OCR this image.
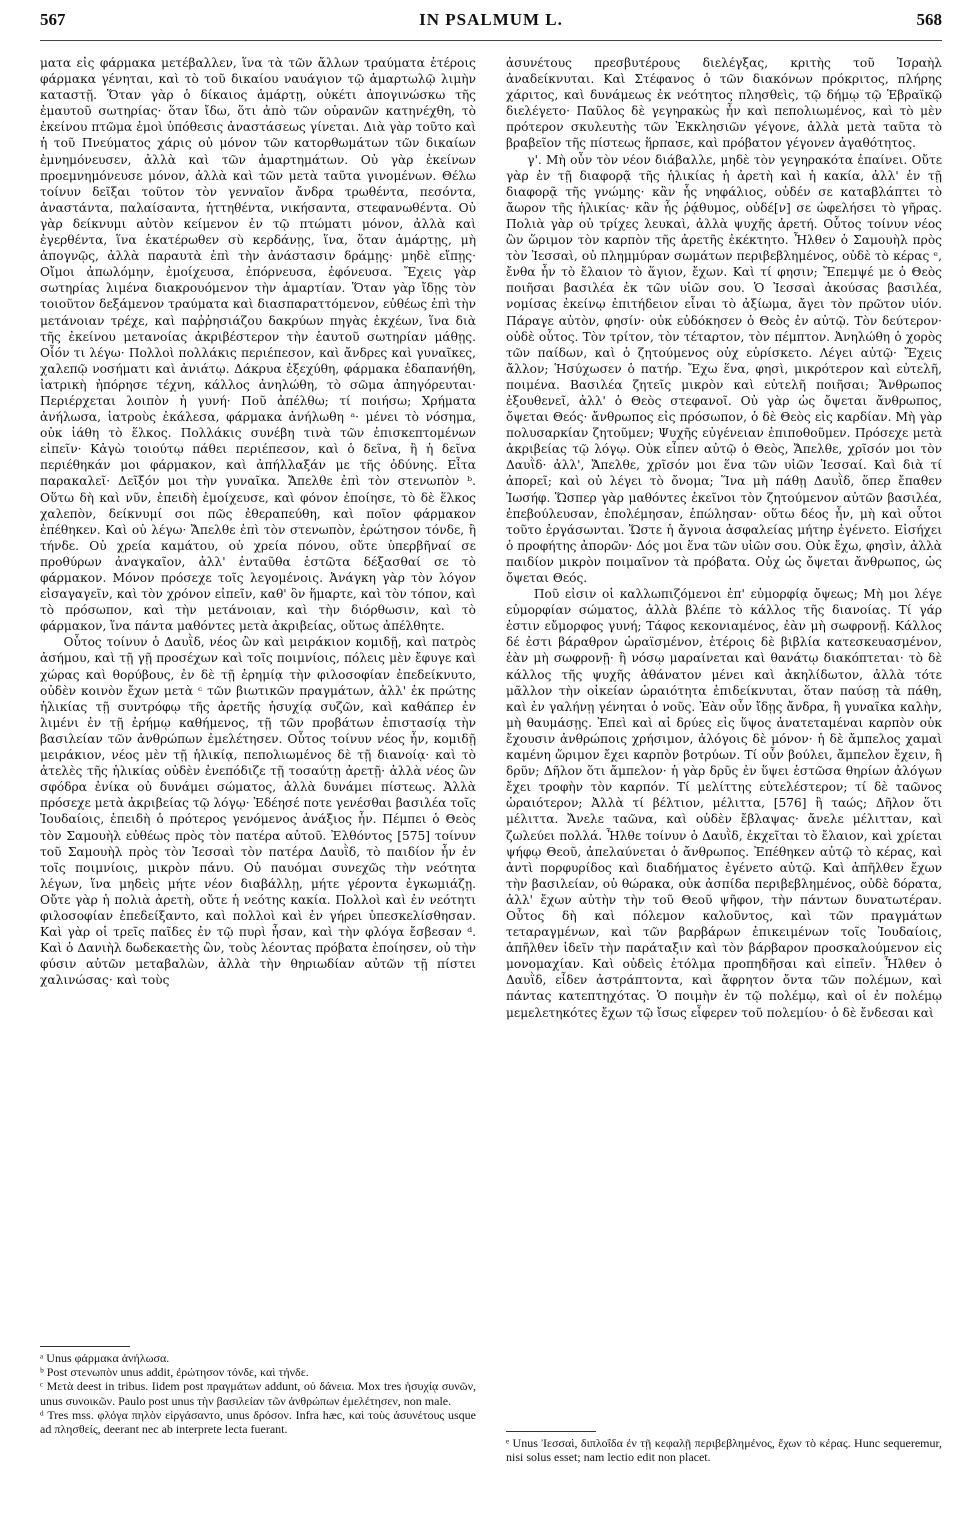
567	IN PSALMUM L.	568

ματα εἰς φάρμακα μετέβαλλεν, ἵνα τὰ τῶν ἄλλων τραύματα ἑτέροις φάρμακα γένηται, καὶ τὸ τοῦ δικαίου ναυάγιον τῷ ἁμαρτωλῷ λιμὴν καταστῇ. Ὅταν γὰρ ὁ δίκαιος ἁμάρτῃ, οὐκέτι ἀπογινώσκω τῆς ἐμαυτοῦ σωτηρίας· ὅταν ἴδω, ὅτι ἀπὸ τῶν οὐρανῶν κατηνέχθη, τὸ ἐκείνου πτῶμα ἐμοὶ ὑπόθεσις ἀναστάσεως γίνεται. Διὰ γὰρ τοῦτο καὶ ἡ τοῦ Πνεύματος χάρις οὐ μόνον τῶν κατορθωμάτων τῶν δικαίων ἐμνημόνευσεν, ἀλλὰ καὶ τῶν ἁμαρτημάτων. Οὐ γὰρ ἐκείνων προεμνημόνευσε μόνον, ἀλλὰ καὶ τῶν μετὰ ταῦτα γινομένων. Θέλω τοίνυν δεῖξαι τοῦτον τὸν γενναῖον ἄνδρα τρωθέντα, πεσόντα, ἀναστάντα, παλαίσαντα, ἡττηθέντα, νικήσαντα, στεφανωθέντα. Οὐ γὰρ δείκνυμι αὐτὸν κείμενον ἐν τῷ πτώματι μόνον, ἀλλὰ καὶ ἐγερθέντα, ἵνα ἑκατέρωθεν σὺ κερδάνῃς, ἵνα, ὅταν ἁμάρτῃς, μὴ ἀπογνῷς, ἀλλὰ παραυτὰ ἐπὶ τὴν ἀνάστασιν δράμῃς· μηδὲ εἴπῃς· Οἴμοι ἀπωλόμην, ἐμοίχευσα, ἐπόρνευσα, ἐφόνευσα. Ἔχεις γὰρ σωτηρίας λιμένα διακρουόμενον τὴν ἁμαρτίαν. Ὅταν γὰρ ἴδῃς τὸν τοιοῦτον δεξάμενον τραύματα καὶ διασπαραττόμενον, εὐθέως ἐπὶ τὴν μετάνοιαν τρέχε, καὶ παῤῥησιάζου δακρύων πηγὰς ἐκχέων, ἵνα διὰ τῆς ἐκείνου μετανοίας ἀκριβέστερον τὴν ἑαυτοῦ σωτηρίαν μάθῃς. Οἷόν τι λέγω· Πολλοὶ πολλάκις περιέπεσον, καὶ ἄνδρες καὶ γυναῖκες, χαλεπῷ νοσήματι καὶ ἀνιάτῳ. Δάκρυα ἐξεχύθη, φάρμακα ἐδαπανήθη, ἰατρικὴ ἠπόρησε τέχνη, κάλλος ἀνηλώθη, τὸ σῶμα ἀπηγόρευται· Περιέρχεται λοιπὸν ἡ γυνή· Ποῦ ἀπέλθω; τί ποιήσω; Χρήματα ἀνήλωσα, ἰατροὺς ἐκάλεσα, φάρμακα ἀνήλωθη ᵃ· μένει τὸ νόσημα, οὐκ ἰάθη τὸ ἕλκος. Πολλάκις συνέβη τινὰ τῶν ἐπισκεπτομένων εἰπεῖν· Κἀγὼ τοιούτῳ πάθει περιέπεσον, καὶ ὁ δεῖνα, ἢ ἡ δεῖνα περιέθηκάν μοι φάρμακον, καὶ ἀπήλλαξάν με τῆς ὀδύνης. Εἶτα παρακαλεῖ· Δεῖξόν μοι τὴν γυναῖκα. Ἄπελθε ἐπὶ τὸν στενωπὸν ᵇ. Οὕτω δὴ καὶ νῦν, ἐπειδὴ ἐμοίχευσε, καὶ φόνον ἐποίησε, τὸ δὲ ἕλκος χαλεπὸν, δείκνυμί σοι πῶς ἐθεραπεύθη, καὶ ποῖον φάρμακον ἐπέθηκεν. Καὶ οὐ λέγω· Ἄπελθε ἐπὶ τὸν στενωπὸν, ἐρώτησον τόνδε, ἢ τήνδε. Οὐ χρεία καμάτου, οὐ χρεία πόνου, οὔτε ὑπερβῆναί σε προθύρων ἀναγκαῖον, ἀλλ' ἐνταῦθα ἑστῶτα δέξασθαί σε τὸ φάρμακον. Μόνον πρόσεχε τοῖς λεγομένοις. Ἀνάγκη γὰρ τὸν λόγον εἰσαγαγεῖν, καὶ τὸν χρόνον εἰπεῖν, καθ' ὃν ἥμαρτε, καὶ τὸν τόπον, καὶ τὸ πρόσωπον, καὶ τὴν μετάνοιαν, καὶ τὴν διόρθωσιν, καὶ τὸ φάρμακον, ἵνα πάντα μαθόντες μετὰ ἀκριβείας, οὕτως ἀπέλθητε.
Οὗτος τοίνυν ὁ Δαυῒδ, νέος ὢν καὶ μειράκιον κομιδῇ, καὶ πατρὸς ἀσήμου, καὶ τῇ γῇ προσέχων καὶ τοῖς ποιμνίοις, πόλεις μὲν ἔφυγε καὶ χώρας καὶ θορύβους, ἐν δὲ τῇ ἐρημίᾳ τὴν φιλοσοφίαν ἐπεδείκνυτο, οὐδὲν κοινὸν ἔχων μετὰ ᶜ τῶν βιωτικῶν πραγμάτων, ἀλλ' ἐκ πρώτης ἡλικίας τῇ συντρόφῳ τῆς ἀρετῆς ἡσυχίᾳ συζῶν, καὶ καθάπερ ἐν λιμένι ἐν τῇ ἐρήμῳ καθήμενος, τῇ τῶν προβάτων ἐπιστασίᾳ τὴν βασιλείαν τῶν ἀνθρώπων ἐμελέτησεν. Οὗτος τοίνυν νέος ἦν, κομιδῇ μειράκιον, νέος μὲν τῇ ἡλικίᾳ, πεπολιωμένος δὲ τῇ διανοίᾳ· καὶ τὸ ἀτελὲς τῆς ἡλικίας οὐδὲν ἐνεπόδιζε τῇ τοσαύτῃ ἀρετῇ· ἀλλὰ νέος ὢν σφόδρα ἐνίκα οὐ δυνάμει σώματος, ἀλλὰ δυνάμει πίστεως. Ἀλλὰ πρόσεχε μετὰ ἀκριβείας τῷ λόγῳ· Ἐδέησέ ποτε γενέσθαι βασιλέα τοῖς Ἰουδαίοις, ἐπειδὴ ὁ πρότερος γενόμενος ἀνάξιος ἦν. Πέμπει ὁ Θεὸς τὸν Σαμουὴλ εὐθέως πρὸς τὸν πατέρα αὐτοῦ. Ἐλθόντος [575] τοίνυν τοῦ Σαμουὴλ πρὸς τὸν Ἰεσσαὶ τὸν πατέρα Δαυῒδ, τὸ παιδίον ἦν ἐν τοῖς ποιμνίοις, μικρὸν πάνυ. Οὐ παυόμαι συνεχῶς τὴν νεότητα λέγων, ἵνα μηδεὶς μήτε νέον διαβάλλῃ, μήτε γέροντα ἐγκωμιάζῃ. Οὔτε γὰρ ἡ πολιὰ ἀρετὴ, οὔτε ἡ νεότης κακία. Πολλοὶ καὶ ἐν νεότητι φιλοσοφίαν ἐπεδείξαντο, καὶ πολλοὶ καὶ ἐν γήρει ὑπεσκελίσθησαν. Καὶ γὰρ οἱ τρεῖς παῖδες ἐν τῷ πυρὶ ἦσαν, καὶ τὴν φλόγα ἔσβεσαν ᵈ. Καὶ ὁ Δανιὴλ δωδεκαετὴς ὢν, τοὺς λέοντας πρόβατα ἐποίησεν, οὐ τὴν φύσιν αὐτῶν μεταβαλὼν, ἀλλὰ τὴν θηριωδίαν αὐτῶν τῇ πίστει χαλινώσας· καὶ τοὺς

ᵃ Unus φάρμακα ἀνήλωσα.
ᵇ Post στενωπὸν unus addit, ἐρώτησον τόνδε, καὶ τήνδε.
ᶜ Μετὰ deest in tribus. Iidem post πραγμάτων addunt, οὐ δάνεια. Mox tres ἡσυχίᾳ συνῶν, unus συνοικῶν. Paulo post unus τὴν βασιλείαν τῶν ἀνθρώπων ἐμελέτησεν, non male.
ᵈ Tres mss. φλόγα πηλὸν εἰργάσαντο, unus δρόσον. Infra hæc, καὶ τοὺς ἀσυνέτους usque ad πλησθείς, deerant nec ab interprete lecta fuerant.

ἀσυνέτους πρεσβυτέρους διελέγξας, κριτὴς τοῦ Ἰσραὴλ ἀναδείκνυται. Καὶ Στέφανος ὁ τῶν διακόνων πρόκριτος, πλήρης χάριτος, καὶ δυνάμεως ἐκ νεότητος πλησθεὶς, τῷ δήμῳ τῷ Ἑβραϊκῷ διελέγετο· Παῦλος δὲ γεγηρακὼς ἦν καὶ πεπολιωμένος, καὶ τὸ μὲν πρότερον σκυλευτὴς τῶν Ἐκκλησιῶν γέγονε, ἀλλὰ μετὰ ταῦτα τὸ βραβεῖον τῆς πίστεως ἥρπασε, καὶ πρόβατον γέγονεν ἀγαθότητος.
γ'. Μὴ οὖν τὸν νέον διάβαλλε, μηδὲ τὸν γεγηρακότα ἐπαίνει. Οὔτε γὰρ ἐν τῇ διαφορᾷ τῆς ἡλικίας ἡ ἀρετὴ καὶ ἡ κακία, ἀλλ' ἐν τῇ διαφορᾷ τῆς γνώμης· κἂν ἧς νηφάλιος, οὐδέν σε καταβλάπτει τὸ ἄωρον τῆς ἡλικίας· κἂν ἧς ῥᾴθυμος, οὐδέ[ν] σε ὠφελήσει τὸ γῆρας. Πολιὰ γὰρ οὐ τρίχες λευκαὶ, ἀλλὰ ψυχῆς ἀρετή. Οὗτος τοίνυν νέος ὢν ὥριμον τὸν καρπὸν τῆς ἀρετῆς ἐκέκτητο. Ἦλθεν ὁ Σαμουὴλ πρὸς τὸν Ἰεσσαὶ, οὐ πλημμύραν σωμάτων περιβεβλημένος, οὐδὲ τὸ κέρας ᵉ, ἔνθα ἦν τὸ ἔλαιον τὸ ἅγιον, ἔχων. Καὶ τί φησιν; Ἔπεμψέ με ὁ Θεὸς ποιῆσαι βασιλέα ἐκ τῶν υἱῶν σου. Ὁ Ἰεσσαὶ ἀκούσας βασιλέα, νομίσας ἐκείνῳ ἐπιτήδειον εἶναι τὸ ἀξίωμα, ἄγει τὸν πρῶτον υἱόν. Πάραγε αὐτὸν, φησίν· οὐκ εὐδόκησεν ὁ Θεὸς ἐν αὐτῷ. Τὸν δεύτερον· οὐδὲ οὗτος. Τὸν τρίτον, τὸν τέταρτον, τὸν πέμπτον. Ἀνηλώθη ὁ χορὸς τῶν παίδων, καὶ ὁ ζητούμενος οὐχ εὑρίσκετο. Λέγει αὐτῷ· Ἔχεις ἄλλον; Ἡσύχωσεν ὁ πατήρ. Ἔχω ἕνα, φησὶ, μικρότερον καὶ εὐτελῆ, ποιμένα. Βασιλέα ζητεῖς μικρὸν καὶ εὐτελῆ ποιῆσαι; Ἄνθρωπος ἐξουθενεῖ, ἀλλ' ὁ Θεὸς στεφανοῖ. Οὐ γὰρ ὡς ὄψεται ἄνθρωπος, ὄψεται Θεός· ἄνθρωπος εἰς πρόσωπον, ὁ δὲ Θεὸς εἰς καρδίαν. Μὴ γὰρ πολυσαρκίαν ζητοῦμεν; Ψυχῆς εὐγένειαν ἐπιποθοῦμεν. Πρόσεχε μετὰ ἀκριβείας τῷ λόγῳ. Οὐκ εἶπεν αὐτῷ ὁ Θεὸς, Ἄπελθε, χρῖσόν μοι τὸν Δαυῒδ· ἀλλ', Ἄπελθε, χρῖσόν μοι ἕνα τῶν υἱῶν Ἰεσσαί. Καὶ διὰ τί ἀπορεῖ; καὶ οὐ λέγει τὸ ὄνομα; Ἵνα μὴ πάθῃ Δαυῒδ, ὅπερ ἔπαθεν Ἰωσήφ. Ὥσπερ γὰρ μαθόντες ἐκεῖνοι τὸν ζητούμενον αὐτῶν βασιλέα, ἐπεβούλευσαν, ἐπολέμησαν, ἐπώλησαν· οὕτω δέος ἦν, μὴ καὶ οὗτοι τοῦτο ἐργάσωνται. Ὥστε ἡ ἄγνοια ἀσφαλείας μήτηρ ἐγένετο. Εἰσήχει ὁ προφήτης ἀπορῶν· Δός μοι ἕνα τῶν υἱῶν σου. Οὐκ ἔχω, φησὶν, ἀλλὰ παιδίον μικρὸν ποιμαῖνον τὰ πρόβατα. Οὐχ ὡς ὄψεται ἄνθρωπος, ὡς ὄψεται Θεός.
Ποῦ εἰσιν οἱ καλλωπιζόμενοι ἐπ' εὐμορφίᾳ ὄψεως; Μὴ μοι λέγε εὐμορφίαν σώματος, ἀλλὰ βλέπε τὸ κάλλος τῆς διανοίας. Τί γάρ ἐστιν εὔμορφος γυνή; Τάφος κεκονιαμένος, ἐὰν μὴ σωφρονῇ. Κάλλος δέ ἐστι βάραθρον ὡραϊσμένον, ἑτέροις δὲ βιβλία κατεσκευασμένον, ἐὰν μὴ σωφρονῇ· ἢ νόσῳ μαραίνεται καὶ θανάτῳ διακόπτεται· τὸ δὲ κάλλος τῆς ψυχῆς ἀθάνατον μένει καὶ ἀκηλίδωτον, ἀλλὰ τότε μᾶλλον τὴν οἰκείαν ὡραιότητα ἐπιδείκνυται, ὅταν παύσῃ τὰ πάθη, καὶ ἐν γαλήνῃ γένηται ὁ νοῦς. Ἐὰν οὖν ἴδῃς ἄνδρα, ἢ γυναῖκα καλὴν, μὴ θαυμάσῃς. Ἐπεὶ καὶ αἱ δρύες εἰς ὕψος ἀνατεταμέναι καρπὸν οὐκ ἔχουσιν ἀνθρώποις χρήσιμον, ἀλόγοις δὲ μόνον· ἡ δὲ ἄμπελος χαμαὶ καμένη ὥριμον ἔχει καρπὸν βοτρύων. Τί οὖν βούλει, ἄμπελον ἔχειν, ἢ δρῦν; Δῆλον ὅτι ἄμπελον· ἡ γὰρ δρῦς ἐν ὕψει ἑστῶσα θηρίων ἀλόγων ἔχει τροφὴν τὸν καρπόν. Τί μελίττης εὐτελέστερον; τί δὲ ταῶνος ὡραιότερον; Ἀλλὰ τί βέλτιον, μέλιττα, [576] ἢ ταώς; Δῆλον ὅτι μέλιττα. Ἄνελε ταῶνα, καὶ οὐδὲν ἔβλαψας· ἄνελε μέλιτταν, καὶ ζωλεύει πολλά. Ἦλθε τοίνυν ὁ Δαυῒδ, ἐκχεῖται τὸ ἔλαιον, καὶ χρίεται ψήφῳ Θεοῦ, ἀπελαύνεται ὁ ἄνθρωπος. Ἐπέθηκεν αὐτῷ τὸ κέρας, καὶ ἀντὶ πορφυρίδος καὶ διαδήματος ἐγένετο αὐτῷ. Καὶ ἀπῆλθεν ἔχων τὴν βασιλείαν, οὐ θώρακα, οὐκ ἀσπίδα περιβεβλημένος, οὐδὲ δόρατα, ἀλλ' ἔχων αὐτὴν τὴν τοῦ Θεοῦ ψῆφον, τὴν πάντων δυνατωτέραν. Οὗτος δὴ καὶ πόλεμον καλοῦντος, καὶ τῶν πραγμάτων τεταραγμένων, καὶ τῶν βαρβάρων ἐπικειμένων τοῖς Ἰουδαίοις, ἀπῆλθεν ἰδεῖν τὴν παράταξιν καὶ τὸν βάρβαρον προσκαλούμενον εἰς μονομαχίαν. Καὶ οὐδεὶς ἐτόλμα προπηδῆσαι καὶ εἰπεῖν. Ἦλθεν ὁ Δαυῒδ, εἶδεν ἀστράπτοντα, καὶ ἄφρητον ὄντα τῶν πολέμων, καὶ πάντας κατεπτηχότας. Ὁ ποιμὴν ἐν τῷ πολέμῳ, καὶ οἱ ἐν πολέμῳ μεμελετηκότες ἔχων τῷ ἴσως εἶφερεν τοῦ πολεμίου· ὁ δὲ ἔνδεσαι καὶ

ᵉ Unus Ἰεσσαὶ, διπλοΐδα ἐν τῇ κεφαλῇ περιβεβλημένος, ἔχων τὸ κέρας. Hunc sequeremur, nisi solus esset; nam lectio edit non placet.
